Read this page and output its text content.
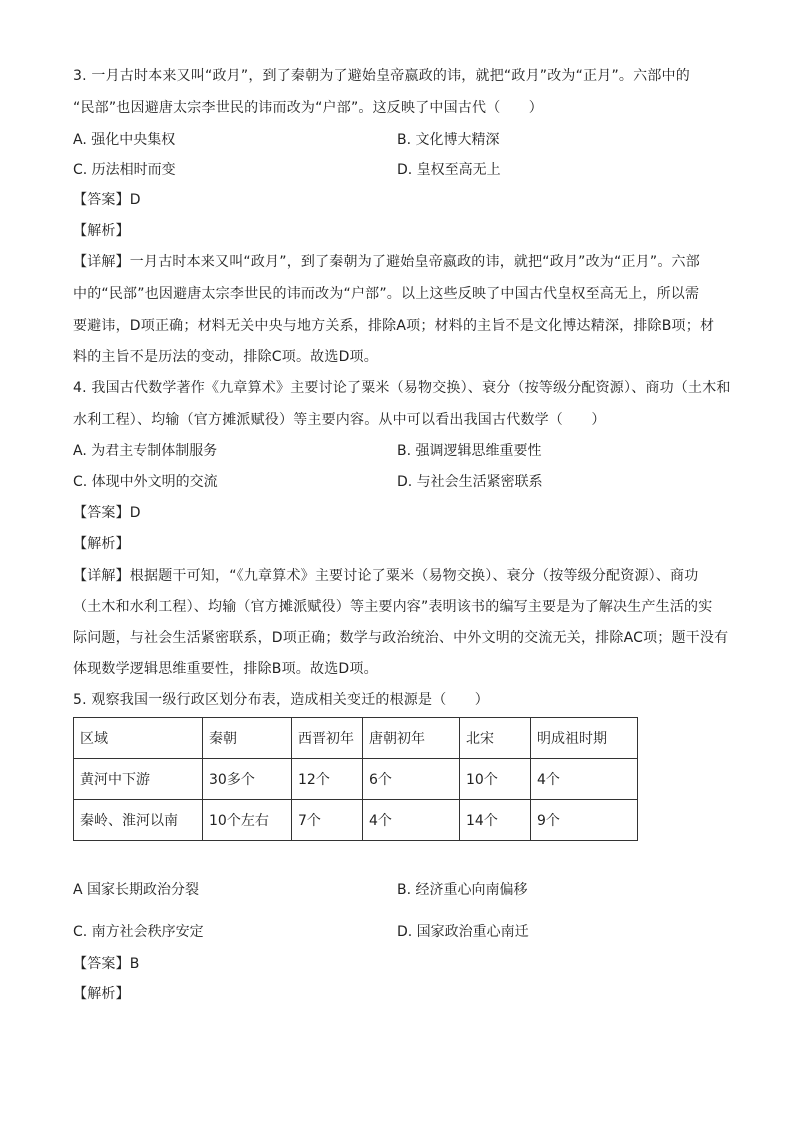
3. 一月古时本来又叫“政月”，到了秦朝为了避始皇帝嬴政的讳，就把“政月”改为“正月”。六部中的
“民部”也因避唐太宗李世民的讳而改为“户部”。这反映了中国古代（　　）
A. 强化中央集权	B. 文化博大精深
C. 历法相时而变	D. 皇权至高无上
【答案】D
【解析】
【详解】一月古时本来又叫“政月”，到了秦朝为了避始皇帝嬴政的讳，就把“政月”改为“正月”。六部
中的“民部”也因避唐太宗李世民的讳而改为“户部”。以上这些反映了中国古代皇权至高无上，所以需
要避讳，D项正确；材料无关中央与地方关系，排除A项；材料的主旨不是文化博达精深，排除B项；材
料的主旨不是历法的变动，排除C项。故选D项。
4. 我国古代数学著作《九章算术》主要讨论了粟米（易物交换）、衰分（按等级分配资源）、商功（土木和
水利工程）、均输（官方摊派赋役）等主要内容。从中可以看出我国古代数学（　　）
A. 为君主专制体制服务	B. 强调逻辑思维重要性
C. 体现中外文明的交流	D. 与社会生活紧密联系
【答案】D
【解析】
【详解】根据题干可知，“《九章算术》主要讨论了粟米（易物交换）、衰分（按等级分配资源）、商功
（土木和水利工程）、均输（官方摊派赋役）等主要内容”表明该书的编写主要是为了解决生产生活的实
际问题，与社会生活紧密联系，D项正确；数学与政治统治、中外文明的交流无关，排除AC项；题干没有
体现数学逻辑思维重要性，排除B项。故选D项。
5. 观察我国一级行政区划分布表，造成相关变迁的根源是（　　）
区域	秦朝	西晋初年	唐朝初年	北宋	明成祖时期
黄河中下游	30多个	12个	6个	10个	4个
秦岭、淮河以南	10个左右	7个	4个	14个	9个
A 国家长期政治分裂	B. 经济重心向南偏移
C. 南方社会秩序安定	D. 国家政治重心南迁
【答案】B
【解析】
